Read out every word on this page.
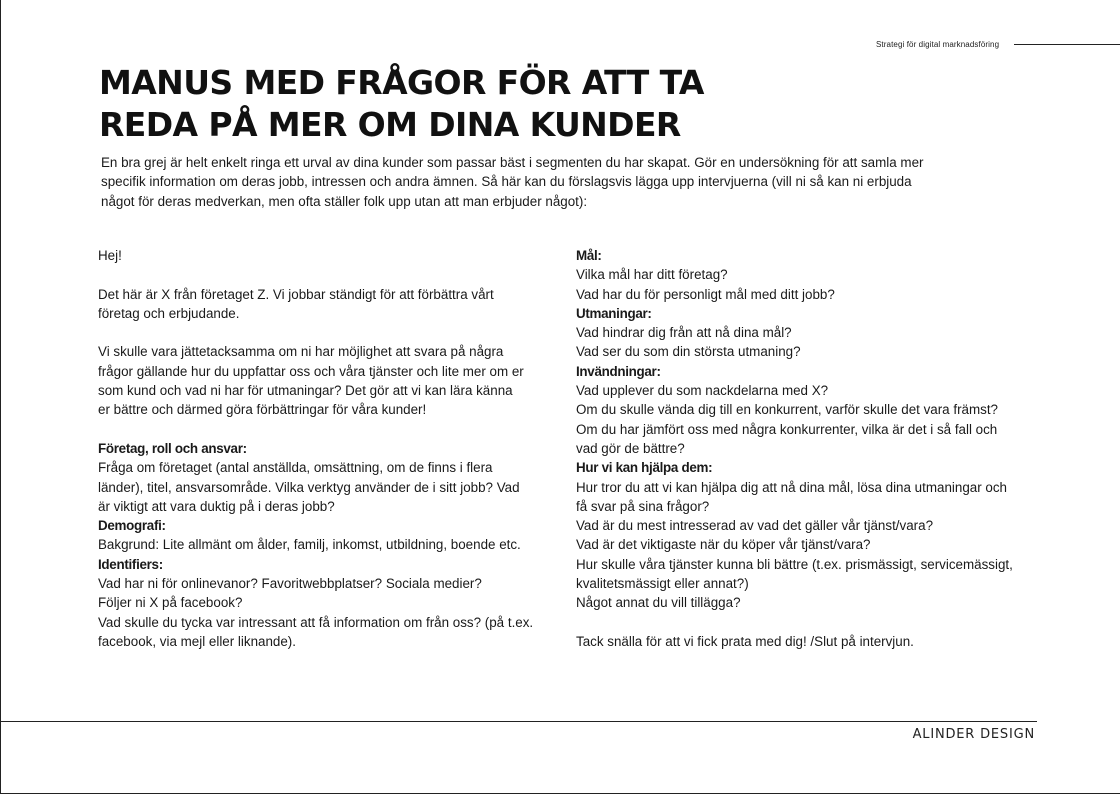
Strategi för digital marknadsföring
MANUS MED FRÅGOR FÖR ATT TA
REDA PÅ MER OM DINA KUNDER
En bra grej är helt enkelt ringa ett urval av dina kunder som passar bäst i segmenten du har skapat. Gör en undersökning för att samla mer
specifik information om deras jobb, intressen och andra ämnen. Så här kan du förslagsvis lägga upp intervjuerna (vill ni så kan ni erbjuda
något för deras medverkan, men ofta ställer folk upp utan att man erbjuder något):
Hej!
Det här är X från företaget Z. Vi jobbar ständigt för att förbättra vårt
företag och erbjudande.
Vi skulle vara jättetacksamma om ni har möjlighet att svara på några
frågor gällande hur du uppfattar oss och våra tjänster och lite mer om er
som kund och vad ni har för utmaningar? Det gör att vi kan lära känna
er bättre och därmed göra förbättringar för våra kunder!
Företag, roll och ansvar:
Fråga om företaget (antal anställda, omsättning, om de finns i flera
länder), titel, ansvarsområde. Vilka verktyg använder de i sitt jobb? Vad
är viktigt att vara duktig på i deras jobb?
Demografi:
Bakgrund: Lite allmänt om ålder, familj, inkomst, utbildning, boende etc.
Identifiers:
Vad har ni för onlinevanor? Favoritwebbplatser? Sociala medier?
Följer ni X på facebook?
Vad skulle du tycka var intressant att få information om från oss? (på t.ex.
facebook, via mejl eller liknande).
Mål:
Vilka mål har ditt företag?
Vad har du för personligt mål med ditt jobb?
Utmaningar:
Vad hindrar dig från att nå dina mål?
Vad ser du som din största utmaning?
Invändningar:
Vad upplever du som nackdelarna med X?
Om du skulle vända dig till en konkurrent, varför skulle det vara främst?
Om du har jämfört oss med några konkurrenter, vilka är det i så fall och
vad gör de bättre?
Hur vi kan hjälpa dem:
Hur tror du att vi kan hjälpa dig att nå dina mål, lösa dina utmaningar och
få svar på sina frågor?
Vad är du mest intresserad av vad det gäller vår tjänst/vara?
Vad är det viktigaste när du köper vår tjänst/vara?
Hur skulle våra tjänster kunna bli bättre (t.ex. prismässigt, servicemässigt,
kvalitetsmässigt eller annat?)
Något annat du vill tillägga?
Tack snälla för att vi fick prata med dig! /Slut på intervjun.
ALINDER DESIGN
